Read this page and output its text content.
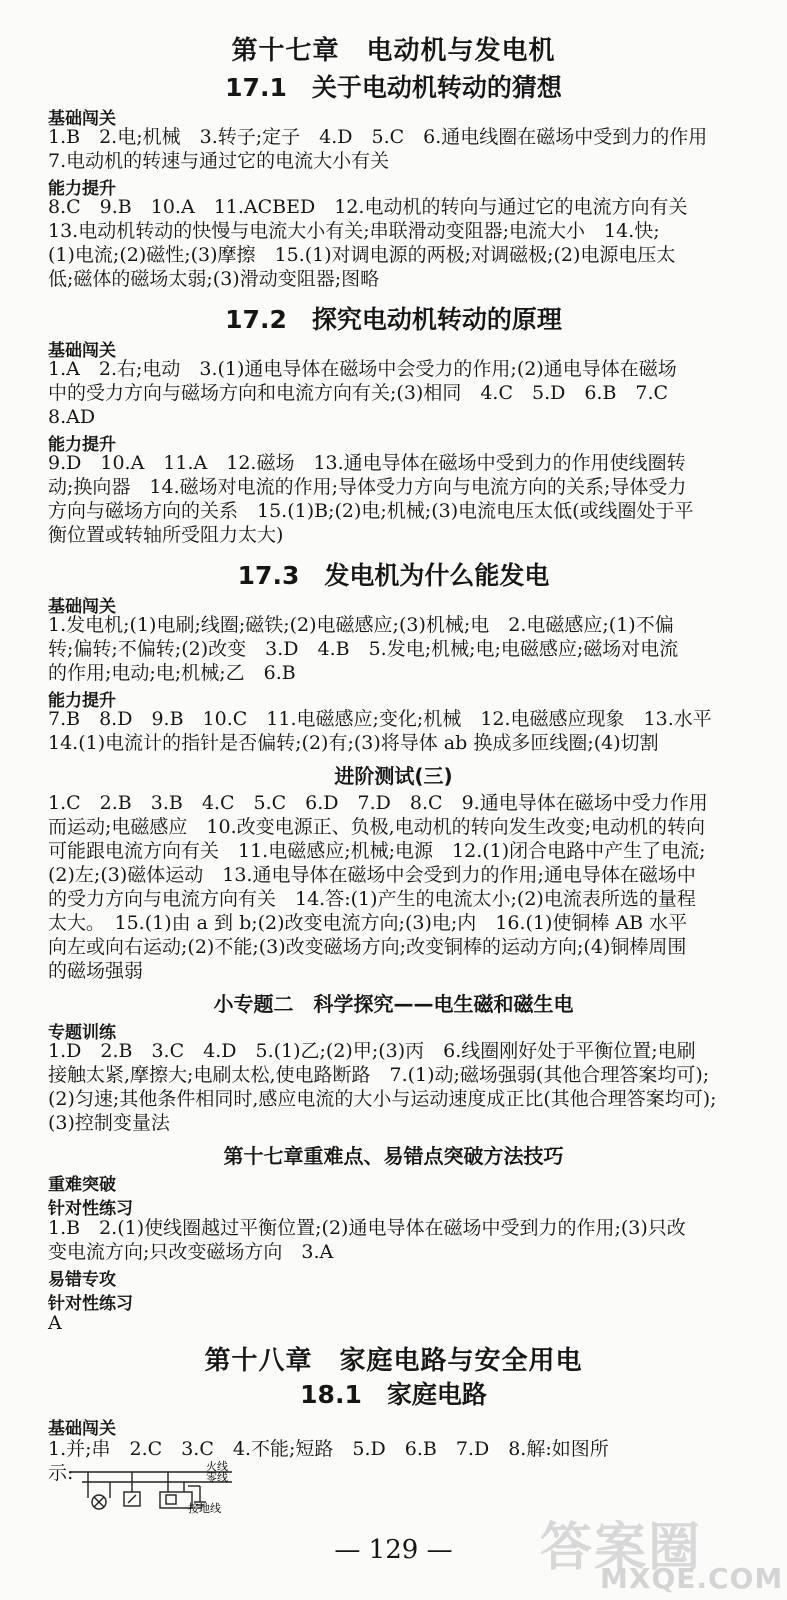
第十七章　电动机与发电机
17.1　关于电动机转动的猜想
基础闯关
1.B　2.电;机械　3.转子;定子　4.D　5.C　6.通电线圈在磁场中受到力的作用
7.电动机的转速与通过它的电流大小有关
能力提升
8.C　9.B　10.A　11.ACBED　12.电动机的转向与通过它的电流方向有关
13.电动机转动的快慢与电流大小有关;串联滑动变阻器;电流大小　14.快;
(1)电流;(2)磁性;(3)摩擦　15.(1)对调电源的两极;对调磁极;(2)电源电压太
低;磁体的磁场太弱;(3)滑动变阻器;图略
17.2　探究电动机转动的原理
基础闯关
1.A　2.右;电动　3.(1)通电导体在磁场中会受力的作用;(2)通电导体在磁场
中的受力方向与磁场方向和电流方向有关;(3)相同　4.C　5.D　6.B　7.C
8.AD
能力提升
9.D　10.A　11.A　12.磁场　13.通电导体在磁场中受到力的作用使线圈转
动;换向器　14.磁场对电流的作用;导体受力方向与电流方向的关系;导体受力
方向与磁场方向的关系　15.(1)B;(2)电;机械;(3)电流电压太低(或线圈处于平
衡位置或转轴所受阻力太大)
17.3　发电机为什么能发电
基础闯关
1.发电机;(1)电刷;线圈;磁铁;(2)电磁感应;(3)机械;电　2.电磁感应;(1)不偏
转;偏转;不偏转;(2)改变　3.D　4.B　5.发电;机械;电;电磁感应;磁场对电流
的作用;电动;电;机械;乙　6.B
能力提升
7.B　8.D　9.B　10.C　11.电磁感应;变化;机械　12.电磁感应现象　13.水平
14.(1)电流计的指针是否偏转;(2)有;(3)将导体 ab 换成多匝线圈;(4)切割
进阶测试(三)
1.C　2.B　3.B　4.C　5.C　6.D　7.D　8.C　9.通电导体在磁场中受力作用
而运动;电磁感应　10.改变电源正、负极,电动机的转向发生改变;电动机的转向
可能跟电流方向有关　11.电磁感应;机械;电源　12.(1)闭合电路中产生了电流;
(2)左;(3)磁体运动　13.通电导体在磁场中会受到力的作用;通电导体在磁场中
的受力方向与电流方向有关　14.答:(1)产生的电流太小;(2)电流表所选的量程
太大。　15.(1)由 a 到 b;(2)改变电流方向;(3)电;内　16.(1)使铜棒 AB 水平
向左或向右运动;(2)不能;(3)改变磁场方向;改变铜棒的运动方向;(4)铜棒周围
的磁场强弱
小专题二　科学探究——电生磁和磁生电
专题训练
1.D　2.B　3.C　4.D　5.(1)乙;(2)甲;(3)丙　6.线圈刚好处于平衡位置;电刷
接触太紧,摩擦大;电刷太松,使电路断路　7.(1)动;磁场强弱(其他合理答案均可);
(2)匀速;其他条件相同时,感应电流的大小与运动速度成正比(其他合理答案均可);
(3)控制变量法
第十七章重难点、易错点突破方法技巧
重难突破
针对性练习
1.B　2.(1)使线圈越过平衡位置;(2)通电导体在磁场中受到力的作用;(3)只改
变电流方向;只改变磁场方向　3.A
易错专攻
针对性练习
A
第十八章　家庭电路与安全用电
18.1　家庭电路
基础闯关
1.并;串　2.C　3.C　4.不能;短路　5.D　6.B　7.D　8.解:如图所
示:	火线
零线
接地线
— 129 —	答案圈
MXQE.COM
